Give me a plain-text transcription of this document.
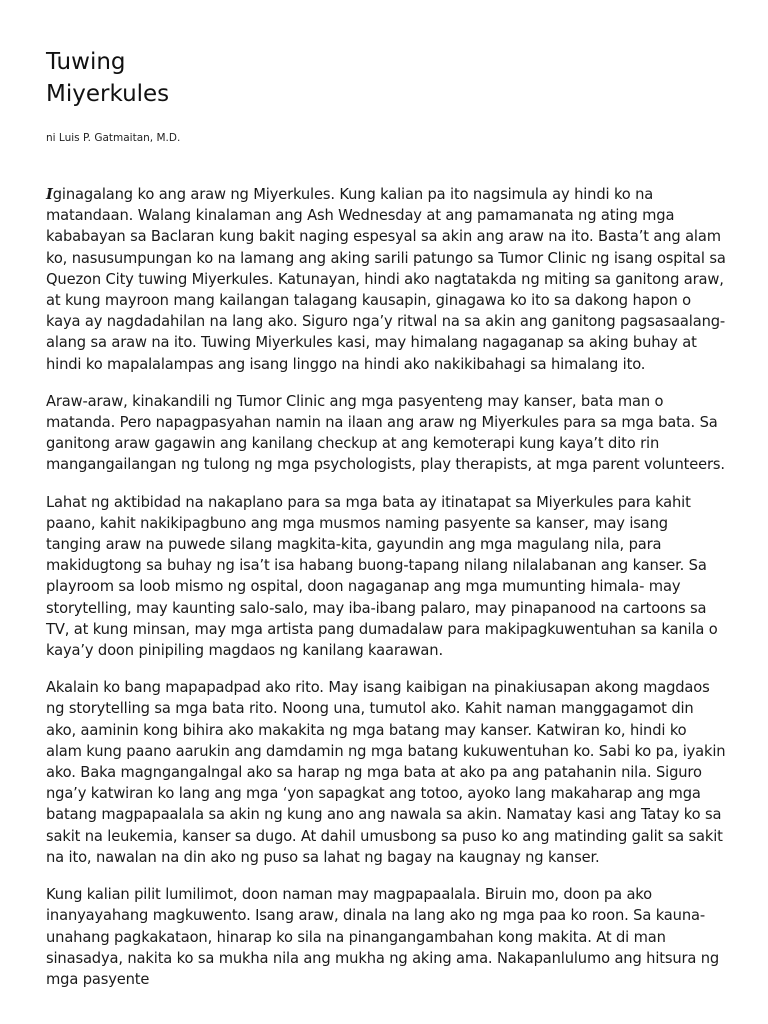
Tuwing Miyerkules

ni Luis P. Gatmaitan, M.D.

Iginagalang ko ang araw ng Miyerkules. Kung kalian pa ito nagsimula ay hindi ko na matandaan. Walang kinalaman ang Ash Wednesday at ang pamamanata ng ating mga kababayan sa Baclaran kung bakit naging espesyal sa akin ang araw na ito. Basta’t ang alam ko, nasusumpungan ko na lamang ang aking sarili patungo sa Tumor Clinic ng isang ospital sa Quezon City tuwing Miyerkules. Katunayan, hindi ako nagtatakda ng miting sa ganitong araw, at kung mayroon mang kailangan talagang kausapin, ginagawa ko ito sa dakong hapon o kaya ay nagdadahilan na lang ako. Siguro nga’y ritwal na sa akin ang ganitong pagsasaalang-alang sa araw na ito. Tuwing Miyerkules kasi, may himalang nagaganap sa aking buhay at hindi ko mapalalampas ang isang linggo na hindi ako nakikibahagi sa himalang ito.

Araw-araw, kinakandili ng Tumor Clinic ang mga pasyenteng may kanser, bata man o matanda. Pero napagpasyahan namin na ilaan ang araw ng Miyerkules para sa mga bata. Sa ganitong araw gagawin ang kanilang checkup at ang kemoterapi kung kaya’t dito rin mangangailangan ng tulong ng mga psychologists, play therapists, at mga parent volunteers.

Lahat ng aktibidad na nakaplano para sa mga bata ay itinatapat sa Miyerkules para kahit paano, kahit nakikipagbuno ang mga musmos naming pasyente sa kanser, may isang tanging araw na puwede silang magkita-kita, gayundin ang mga magulang nila, para makidugtong sa buhay ng isa’t isa habang buong-tapang nilang nilalabanan ang kanser. Sa playroom sa loob mismo ng ospital, doon nagaganap ang mga mumunting himala- may storytelling, may kaunting salo-salo, may iba-ibang palaro, may pinapanood na cartoons sa TV, at kung minsan, may mga artista pang dumadalaw para makipagkuwentuhan sa kanila o kaya’y doon pinipiling magdaos ng kanilang kaarawan.

Akalain ko bang mapapadpad ako rito. May isang kaibigan na pinakiusapan akong magdaos ng storytelling sa mga bata rito. Noong una, tumutol ako. Kahit naman manggagamot din ako, aaminin kong bihira ako makakita ng mga batang may kanser. Katwiran ko, hindi ko alam kung paano aarukin ang damdamin ng mga batang kukuwentuhan ko. Sabi ko pa, iyakin ako. Baka magngangalngal ako sa harap ng mga bata at ako pa ang patahanin nila. Siguro nga’y katwiran ko lang ang mga ‘yon sapagkat ang totoo, ayoko lang makaharap ang mga batang magpapaalala sa akin ng kung ano ang nawala sa akin. Namatay kasi ang Tatay ko sa sakit na leukemia, kanser sa dugo. At dahil umusbong sa puso ko ang matinding galit sa sakit na ito, nawalan na din ako ng puso sa lahat ng bagay na kaugnay ng kanser.

Kung kalian pilit lumilimot, doon naman may magpapaalala. Biruin mo, doon pa ako inanyayahang magkuwento. Isang araw, dinala na lang ako ng mga paa ko roon. Sa kauna-unahang pagkakataon, hinarap ko sila na pinangangambahan kong makita. At di man sinasadya, nakita ko sa mukha nila ang mukha ng aking ama. Nakapanlulumo ang hitsura ng mga pasyente
